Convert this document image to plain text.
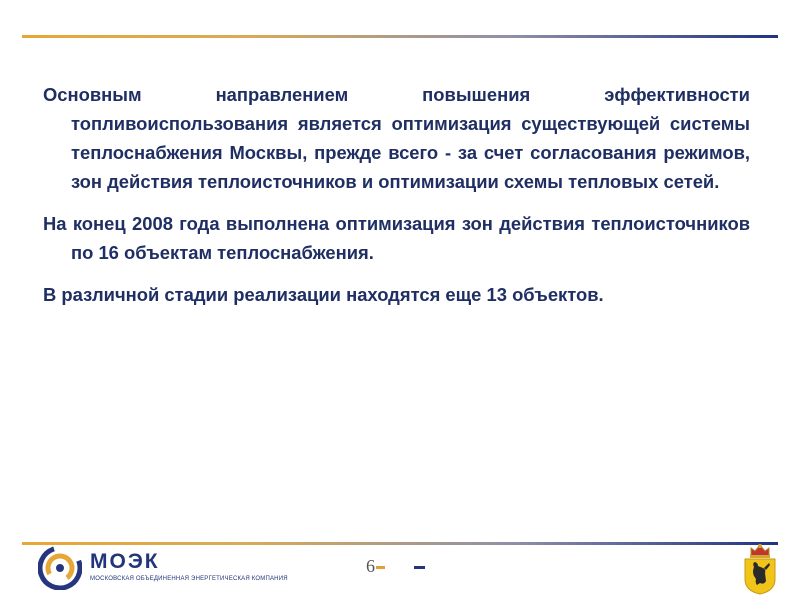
Основным направлением повышения эффективности топливоиспользования является оптимизация существующей системы теплоснабжения Москвы, прежде всего - за счет согласования режимов, зон действия теплоисточников и оптимизации схемы тепловых сетей.

На конец 2008 года выполнена оптимизация зон действия теплоисточников по 16 объектам теплоснабжения.

В различной стадии реализации находятся еще 13 объектов.

МОЭК
МОСКОВСКАЯ ОБЪЕДИНЕННАЯ ЭНЕРГЕТИЧЕСКАЯ КОМПАНИЯ
6
